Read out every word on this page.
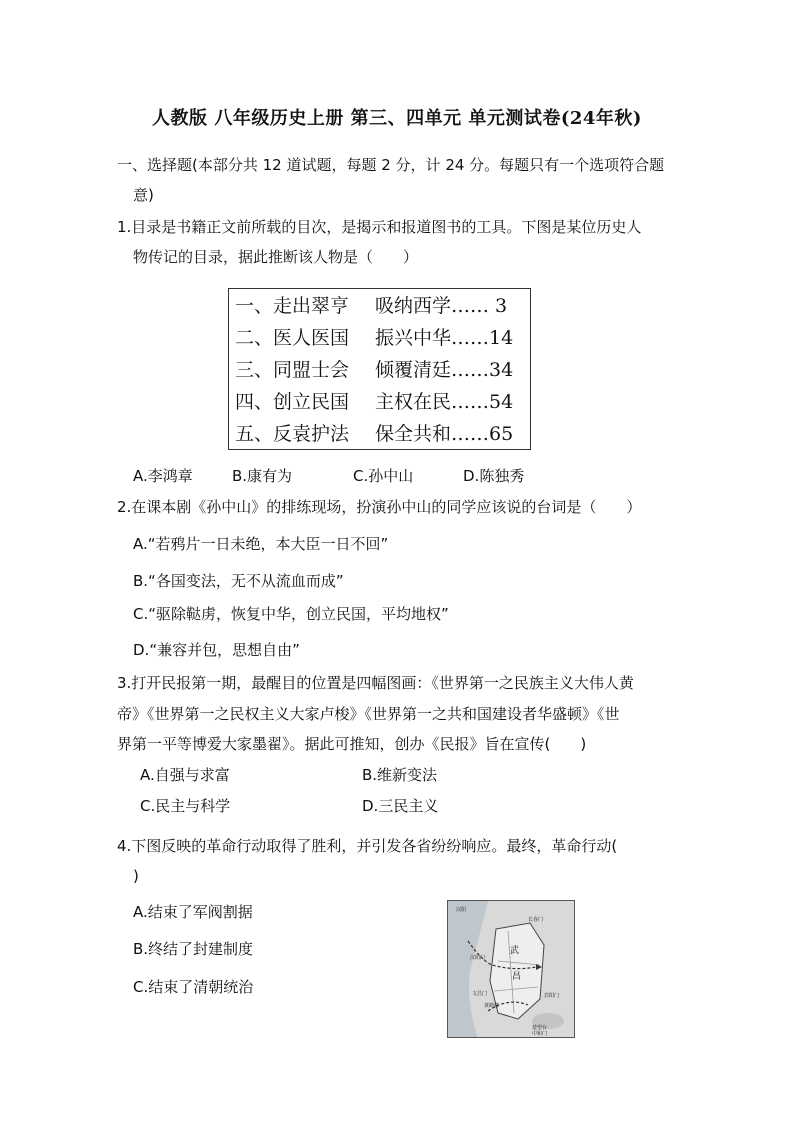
人教版 八年级历史上册 第三、四单元 单元测试卷(24年秋)
一、选择题(本部分共 12 道试题，每题 2 分，计 24 分。每题只有一个选项符合题
意)
1.目录是书籍正文前所载的目次，是揭示和报道图书的工具。下图是某位历史人
物传记的目录，据此推断该人物是（　　）
一、走出翠亨 吸纳西学…… 3
二、医人医国 振兴中华……14
三、同盟士会 倾覆清廷……34
四、创立民国 主权在民……54
五、反袁护法 保全共和……65
A.李鸿章	B.康有为	C.孙中山	D.陈独秀
2.在课本剧《孙中山》的排练现场，扮演孙中山的同学应该说的台词是（　　）
A.“若鸦片一日未绝，本大臣一日不回”
B.“各国变法，无不从流血而成”
C.“驱除鞑虏，恢复中华，创立民国，平均地权”
D.“兼容并包，思想自由”
3.打开民报第一期，最醒目的位置是四幅图画：《世界第一之民族主义大伟人黄
帝》《世界第一之民权主义大家卢梭》《世界第一之共和国建设者华盛顿》《世
界第一平等博爱大家墨翟》。据此可推知，创办《民报》旨在宣传(　　)
A.自强与求富	B.维新变法
C.民主与科学	D.三民主义
4.下图反映的革命行动取得了胜利，并引发各省纷纷响应。最终，革命行动(
)
A.结束了军阀割据
B.终结了封建制度
C.结束了清朝统治
汉阳
武
昌
汉阳门
文昌门
楚望台
中和门
宾阳门
长春门
黄鹤楼
